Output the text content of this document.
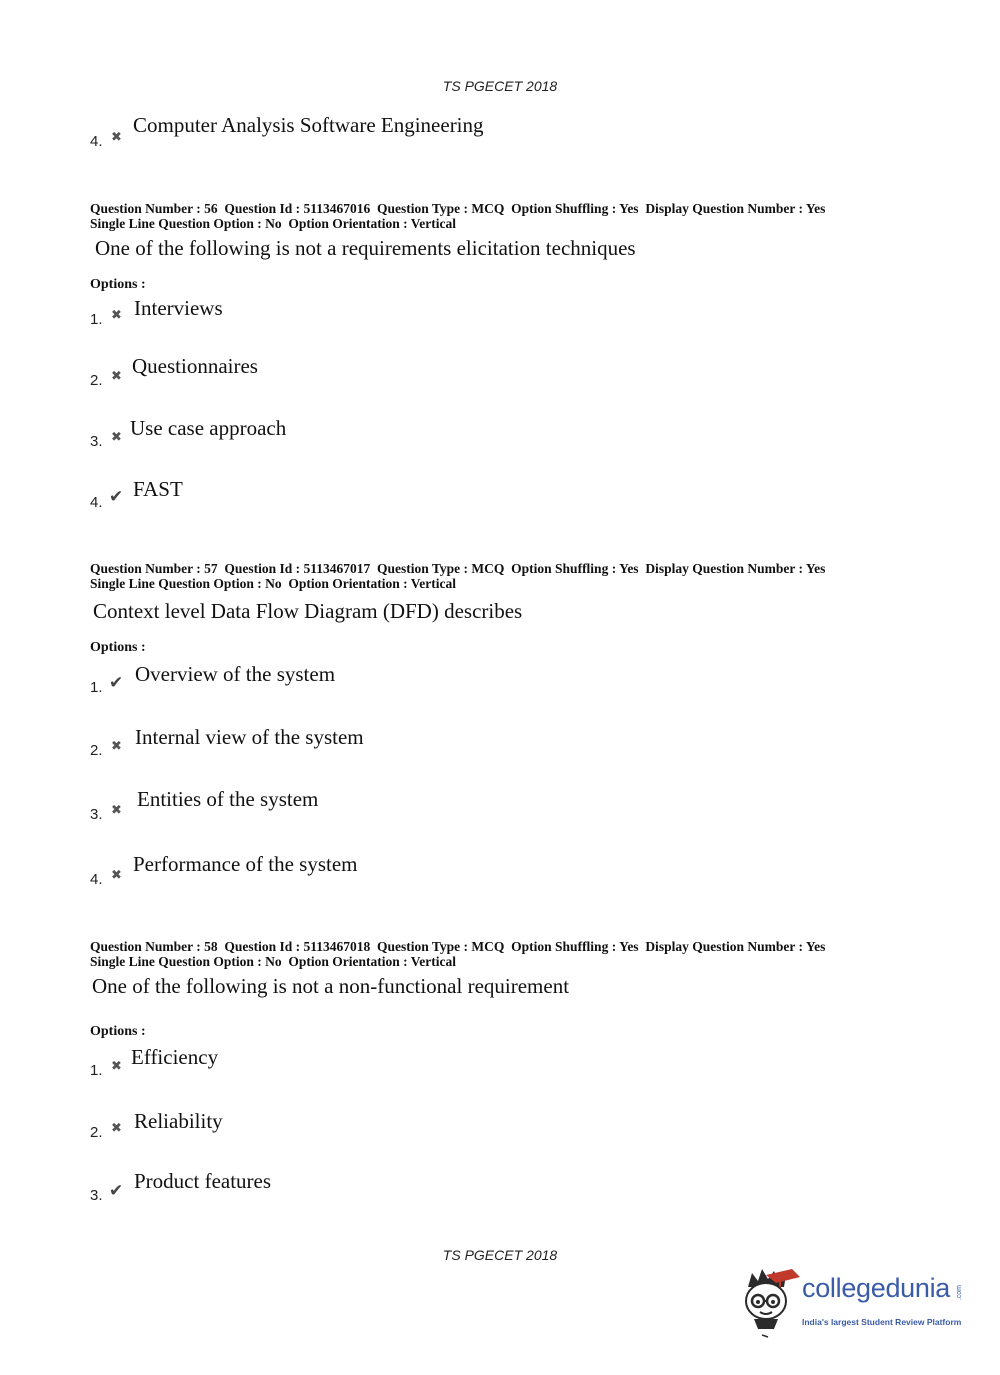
TS PGECET 2018
4. ✖
Computer Analysis Software Engineering
Question Number : 56  Question Id : 5113467016  Question Type : MCQ  Option Shuffling : Yes  Display Question Number : Yes
Single Line Question Option : No  Option Orientation : Vertical
One of the following is not a requirements elicitation techniques
Options :
1. ✖ Interviews
2. ✖ Questionnaires
3. ✖ Use case approach
4. ✔ FAST
Question Number : 57  Question Id : 5113467017  Question Type : MCQ  Option Shuffling : Yes  Display Question Number : Yes
Single Line Question Option : No  Option Orientation : Vertical
Context level Data Flow Diagram (DFD) describes
Options :
1. ✔ Overview of the system
2. ✖ Internal view of the system
3. ✖ Entities of the system
4. ✖ Performance of the system
Question Number : 58  Question Id : 5113467018  Question Type : MCQ  Option Shuffling : Yes  Display Question Number : Yes
Single Line Question Option : No  Option Orientation : Vertical
One of the following is not a non-functional requirement
Options :
1. ✖ Efficiency
2. ✖ Reliability
3. ✔ Product features
TS PGECET 2018
collegedunia .com
India's largest Student Review Platform
